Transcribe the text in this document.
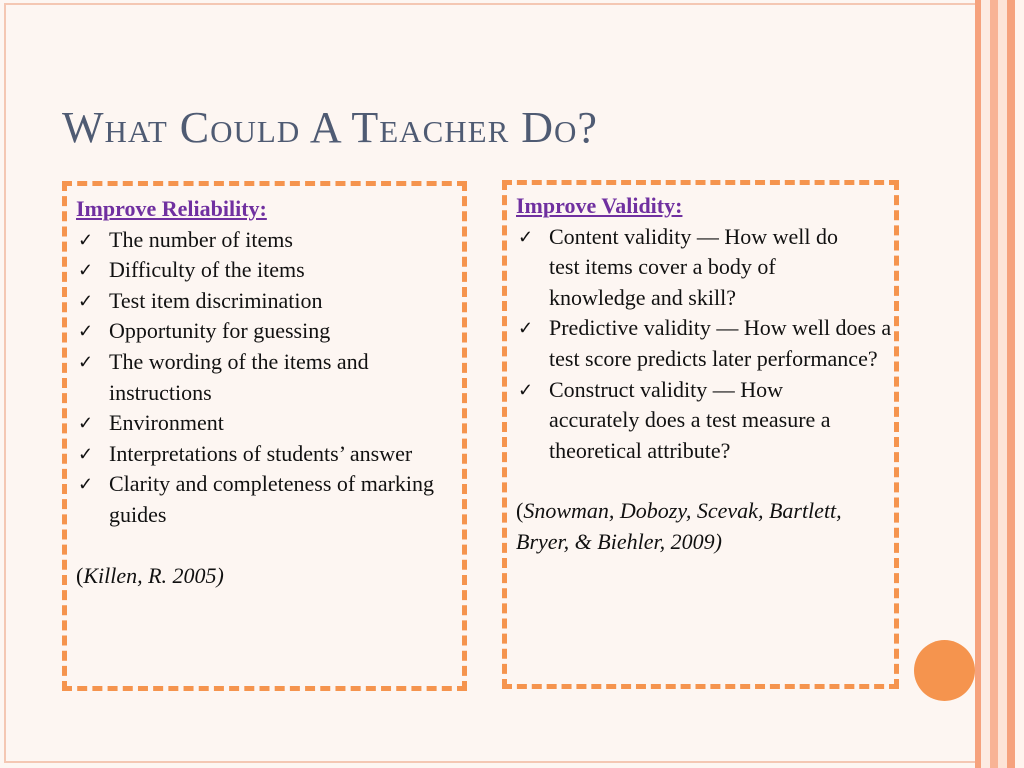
What Could A Teacher Do?
Improve Reliability:
✓ The number of items
✓ Difficulty of the items
✓ Test item discrimination
✓ Opportunity for guessing
✓ The wording of the items and instructions
✓ Environment
✓ Interpretations of students’ answer
✓ Clarity and completeness of marking guides
(Killen, R. 2005)
Improve Validity:
✓ Content validity — How well do test items cover a body of knowledge and skill?
✓ Predictive validity — How well does a test score predicts later performance?
✓ Construct validity — How accurately does a test measure a theoretical attribute?
(Snowman, Dobozy, Scevak, Bartlett, Bryer, & Biehler, 2009)
